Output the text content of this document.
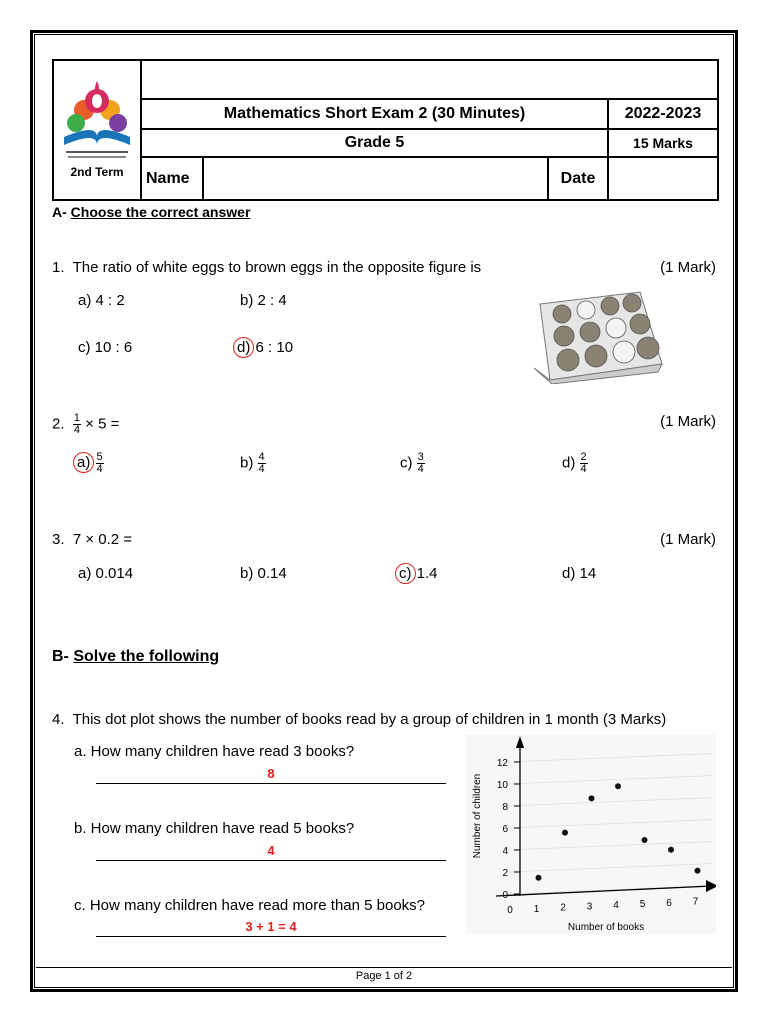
2nd Term				

	Mathematics Short Exam 2 (30 Minutes)			2022-2023
	Grade 5			15 Marks
	Name		Date	
A- Choose the correct answer
1. The ratio of white eggs to brown eggs in the opposite figure is	(1 Mark)
a) 4 : 2	b) 2 : 4
c) 10 : 6	d) 6 : 10
2. $\frac{1}{4} \times 5$ =	(1 Mark)
$a) \frac{5}{4}$	$b) \frac{4}{4}$	$c) \frac{3}{4}$	$d) \frac{2}{4}$
3. 7 × 0.2 =	(1 Mark)
a) 0.014	b) 0.14	c) 1.4	d) 14
B- Solve the following
4. This dot plot shows the number of books read by a group of children in 1 month (3 Marks)
a. How many children have read 3 books?
8
b. How many children have read 5 books?
4
c. How many children have read more than 5 books?
3 + 1 = 4
0
2
4
6
8
10
12
0 1 2 3 4 5 6 7
Number of books
Number of children
Page 1 of 2
